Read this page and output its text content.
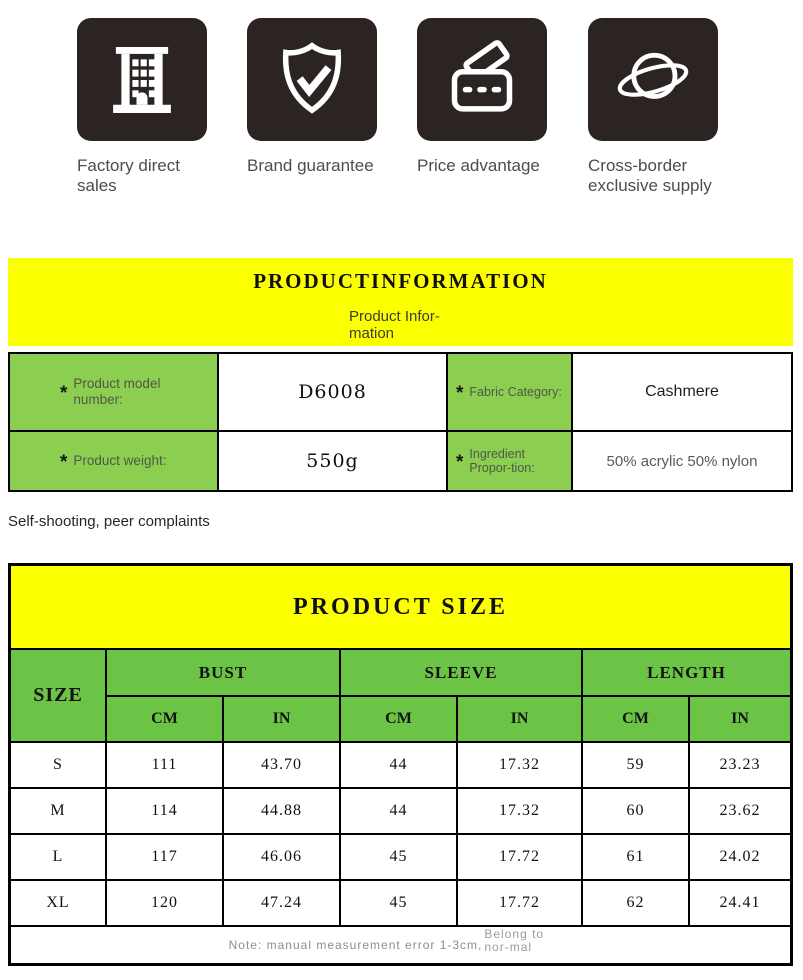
Factory direct sales
Brand guarantee	Price advantage	Cross-border exclusive supply
PRODUCTINFORMATION
Product Infor-mation
* Product model number:	D6008	* Fabric Category:	Cashmere
* Product weight:	550g	* Ingredient Propor-tion:	50% acrylic 50% nylon
Self-shooting, peer complaints
PRODUCT SIZE
SIZE
BUST	SLEEVE	LENGTH
CM	IN	CM	IN	CM	IN
S	111	43.70	44	17.32	59	23.23
M	114	44.88	44	17.32	60	23.62
L	117	46.06	45	17.72	61	24.02
XL	120	47.24	45	17.72	62	24.41
Note: manual measurement error 1-3cm,
Belong to nor-mal
